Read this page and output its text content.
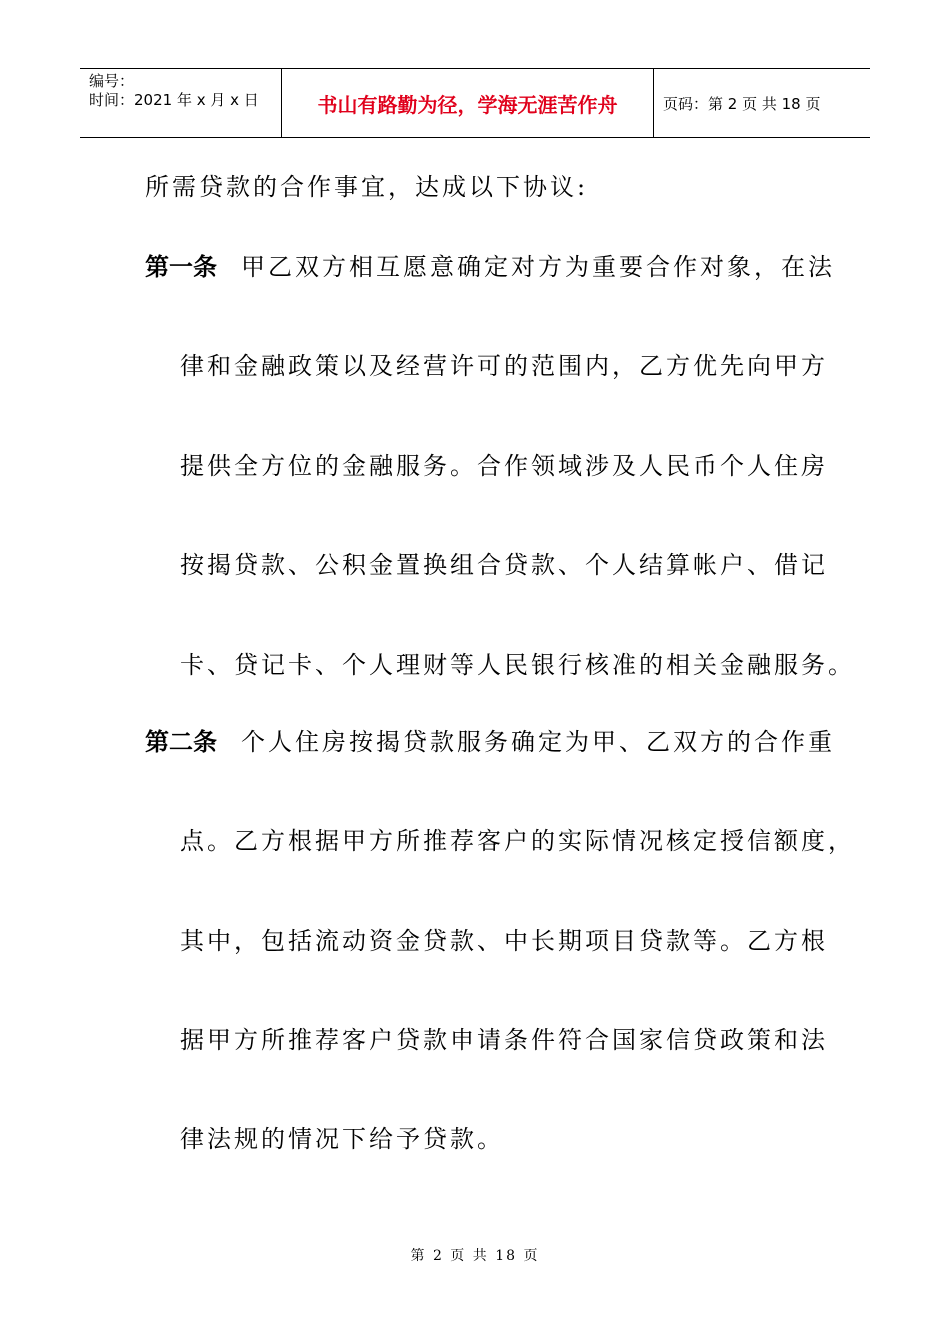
编号：
时间：2021 年 x 月 x 日	书山有路勤为径，学海无涯苦作舟	页码：第 2 页 共 18 页
所需贷款的合作事宜，达成以下协议:
第一条 甲乙双方相互愿意确定对方为重要合作对象，在法
律和金融政策以及经营许可的范围内，乙方优先向甲方
提供全方位的金融服务。合作领域涉及人民币个人住房
按揭贷款、公积金置换组合贷款、个人结算帐户、借记
卡、贷记卡、个人理财等人民银行核准的相关金融服务。
第二条 个人住房按揭贷款服务确定为甲、乙双方的合作重
点。乙方根据甲方所推荐客户的实际情况核定授信额度，
其中，包括流动资金贷款、中长期项目贷款等。乙方根
据甲方所推荐客户贷款申请条件符合国家信贷政策和法
律法规的情况下给予贷款。
第 2 页 共 18 页
